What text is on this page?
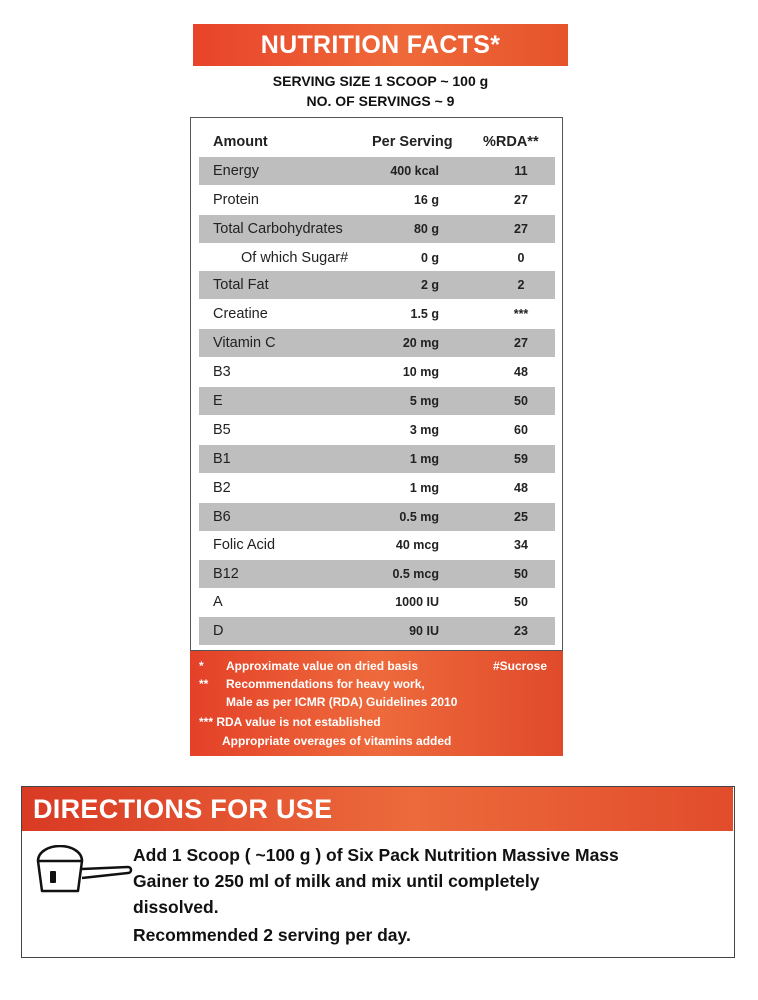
NUTRITION FACTS*
SERVING SIZE 1 SCOOP ~ 100 g
NO. OF SERVINGS ~ 9
Amount	Per Serving %RDA**
Energy	400 kcal	11
Protein	16 g	27
Total Carbohydrates	80 g	27
Of which Sugar#	0 g	0
Total Fat	2 g	2
Creatine	1.5 g	***
Vitamin C	20 mg	27
B3	10 mg	48
E	5 mg	50
B5	3 mg	60
B1	1 mg	59
B2	1 mg	48
B6	0.5 mg	25
Folic Acid	40 mcg	34
B12	0.5 mcg	50
A	1000 IU	50
D	90 IU	23
* Approximate value on dried basis	#Sucrose
** Recommendations for heavy work,
Male as per ICMR (RDA) Guidelines 2010
*** RDA value is not established
Appropriate overages of vitamins added
DIRECTIONS FOR USE
Add 1 Scoop ( ~100 g ) of Six Pack Nutrition Massive Mass
Gainer to 250 ml of milk and mix until completely
dissolved.
Recommended 2 serving per day.
